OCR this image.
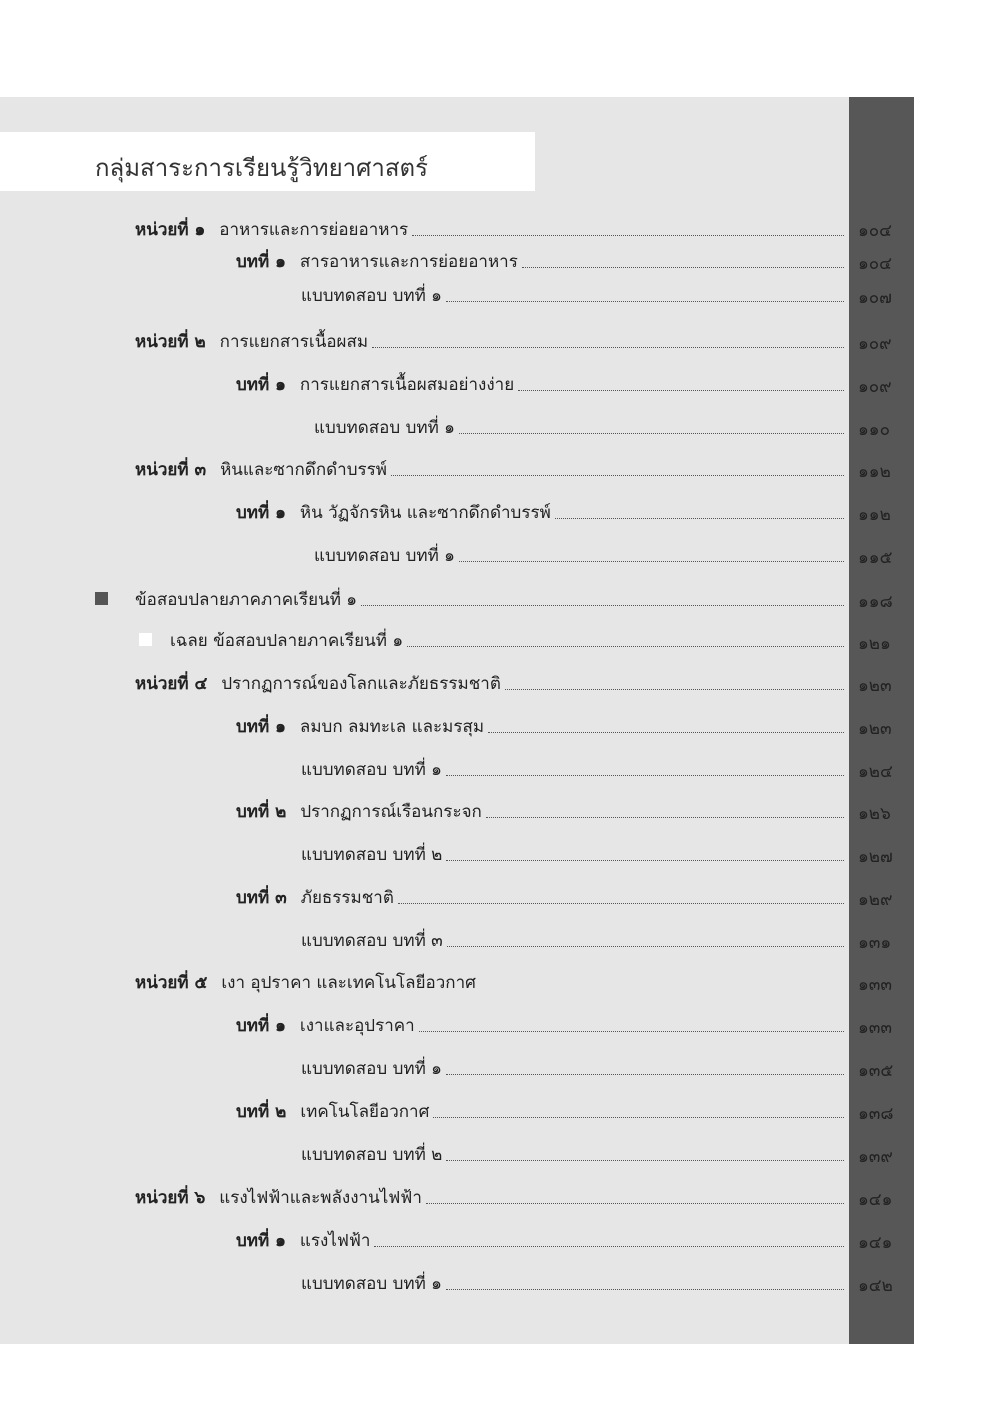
กลุ่มสาระการเรียนรู้วิทยาศาสตร์
หน่วยที่ ๑ อาหารและการย่อยอาหาร	๑๐๔
บทที่ ๑ สารอาหารและการย่อยอาหาร	๑๐๔
แบบทดสอบ บทที่ ๑	๑๐๗
หน่วยที่ ๒ การแยกสารเนื้อผสม	๑๐๙
บทที่ ๑ การแยกสารเนื้อผสมอย่างง่าย	๑๐๙
แบบทดสอบ บทที่ ๑	๑๑๐
หน่วยที่ ๓ หินและซากดึกดำบรรพ์	๑๑๒
บทที่ ๑ หิน วัฏจักรหิน และซากดึกดำบรรพ์	๑๑๒
แบบทดสอบ บทที่ ๑	๑๑๕
ข้อสอบปลายภาคภาคเรียนที่ ๑	๑๑๘
เฉลย ข้อสอบปลายภาคเรียนที่ ๑	๑๒๑
หน่วยที่ ๔ ปรากฏการณ์ของโลกและภัยธรรมชาติ	๑๒๓
บทที่ ๑ ลมบก ลมทะเล และมรสุม	๑๒๓
แบบทดสอบ บทที่ ๑	๑๒๔
บทที่ ๒ ปรากฏการณ์เรือนกระจก	๑๒๖
แบบทดสอบ บทที่ ๒	๑๒๗
บทที่ ๓ ภัยธรรมชาติ	๑๒๙
แบบทดสอบ บทที่ ๓	๑๓๑
หน่วยที่ ๕ เงา อุปราคา และเทคโนโลยีอวกาศ	๑๓๓
บทที่ ๑ เงาและอุปราคา	๑๓๓
แบบทดสอบ บทที่ ๑	๑๓๕
บทที่ ๒ เทคโนโลยีอวกาศ	๑๓๘
แบบทดสอบ บทที่ ๒	๑๓๙
หน่วยที่ ๖ แรงไฟฟ้าและพลังงานไฟฟ้า	๑๔๑
บทที่ ๑ แรงไฟฟ้า	๑๔๑
แบบทดสอบ บทที่ ๑	๑๔๒
